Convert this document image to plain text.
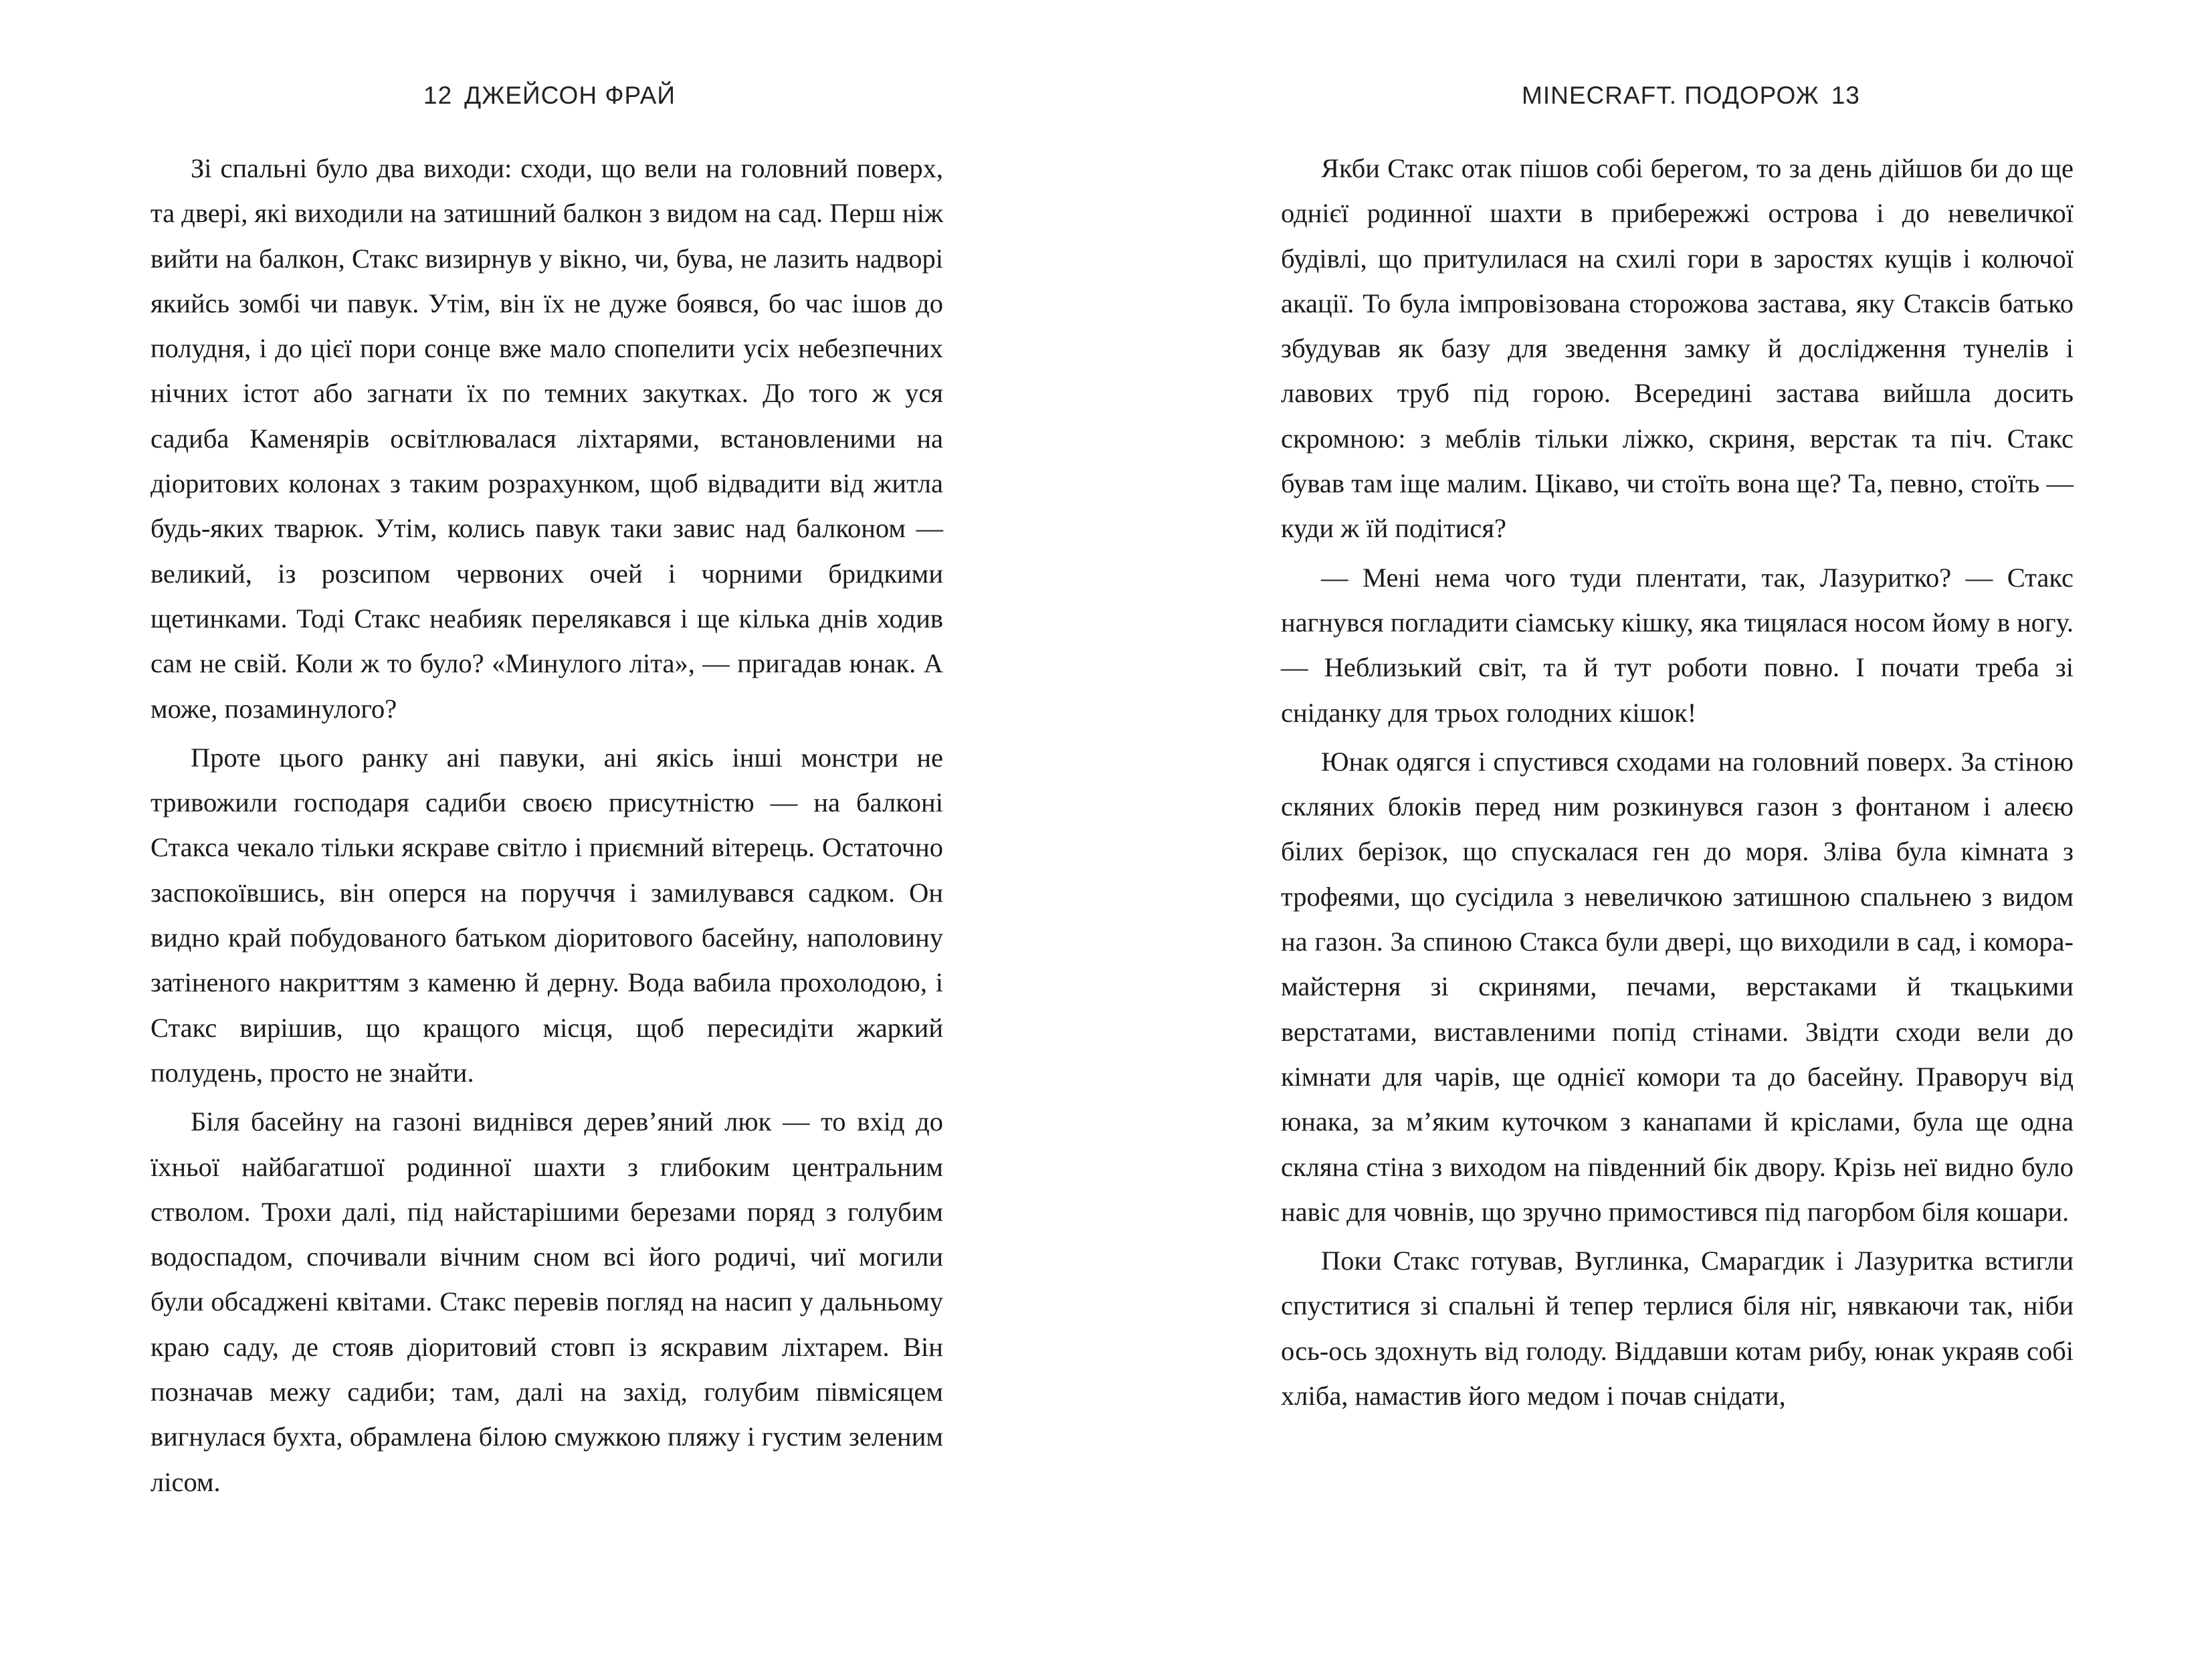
12 ДЖЕЙСОН ФРАЙ

Зі спальні було два виходи: сходи, що вели на головний поверх, та двері, які виходили на затишний балкон з видом на сад. Перш ніж вийти на балкон, Стакс визирнув у вікно, чи, бува, не лазить надворі якийсь зомбі чи павук. Утім, він їх не дуже боявся, бо час ішов до полудня, і до цієї пори сонце вже мало спопелити усіх небезпечних нічних істот або загнати їх по темних закутках. До того ж уся садиба Каменярів освітлювалася ліхтарями, встановленими на діоритових колонах з таким розрахунком, щоб відвадити від житла будь-яких тварюк. Утім, колись павук таки завис над балконом — великий, із розсипом червоних очей і чорними бридкими щетинками. Тоді Стакс неабияк перелякався і ще кілька днів ходив сам не свій. Коли ж то було? «Минулого літа», — пригадав юнак. А може, позаминулого?

Проте цього ранку ані павуки, ані якісь інші монстри не тривожили господаря садиби своєю присутністю — на балконі Стакса чекало тільки яскраве світло і приємний вітерець. Остаточно заспокоївшись, він оперся на поруччя і замилувався садком. Он видно край побудованого батьком діоритового басейну, наполовину затіненого накриттям з каменю й дерну. Вода вабила прохолодою, і Стакс вирішив, що кращого місця, щоб пересидіти жаркий полудень, просто не знайти.

Біля басейну на газоні виднівся дерев’яний люк — то вхід до їхньої найбагатшої родинної шахти з глибоким центральним стволом. Трохи далі, під найстарішими березами поряд з голубим водоспадом, спочивали вічним сном всі його родичі, чиї могили були обсаджені квітами. Стакс перевів погляд на насип у дальньому краю саду, де стояв діоритовий стовп із яскравим ліхтарем. Він позначав межу садиби; там, далі на захід, голубим півмісяцем вигнулася бухта, обрамлена білою смужкою пляжу і густим зеленим лісом.

MINECRAFT. ПОДОРОЖ 13

Якби Стакс отак пішов собі берегом, то за день дійшов би до ще однієї родинної шахти в прибережжі острова і до невеличкої будівлі, що притулилася на схилі гори в заростях кущів і колючої акації. То була імпровізована сторожова застава, яку Стаксів батько збудував як базу для зведення замку й дослідження тунелів і лавових труб під горою. Всередині застава вийшла досить скромною: з меблів тільки ліжко, скриня, верстак та піч. Стакс бував там іще малим. Цікаво, чи стоїть вона ще? Та, певно, стоїть — куди ж їй подітися?

— Мені нема чого туди плентати, так, Лазуритко? — Стакс нагнувся погладити сіамську кішку, яка тицялася носом йому в ногу. — Неблизький світ, та й тут роботи повно. І почати треба зі сніданку для трьох голодних кішок!

Юнак одягся і спустився сходами на головний поверх. За стіною скляних блоків перед ним розкинувся газон з фонтаном і алеєю білих берізок, що спускалася ген до моря. Зліва була кімната з трофеями, що сусідила з невеличкою затишною спальнею з видом на газон. За спиною Стакса були двері, що виходили в сад, і комора-майстерня зі скринями, печами, верстаками й ткацькими верстатами, виставленими попід стінами. Звідти сходи вели до кімнати для чарів, ще однієї комори та до басейну. Праворуч від юнака, за м’яким куточком з канапами й кріслами, була ще одна скляна стіна з виходом на південний бік двору. Крізь неї видно було навіс для човнів, що зручно примостився під пагорбом біля кошари.

Поки Стакс готував, Вуглинка, Смарагдик і Лазуритка встигли спуститися зі спальні й тепер терлися біля ніг, нявкаючи так, ніби ось-ось здохнуть від голоду. Віддавши котам рибу, юнак украяв собі хліба, намастив його медом і почав снідати,
